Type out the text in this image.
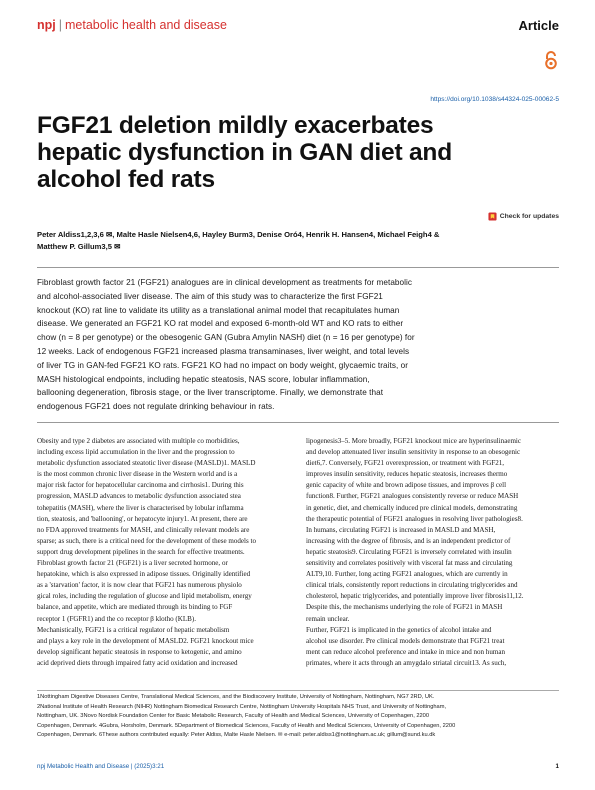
npj | metabolic health and disease	Article
https://doi.org/10.1038/s44324-025-00062-5
FGF21 deletion mildly exacerbates
hepatic dysfunction in GAN diet and
alcohol fed rats
Check for updates
Peter Aldiss1,2,3,6 ✉, Malte Hasle Nielsen4,6, Hayley Burm3, Denise Oró4, Henrik H. Hansen4, Michael Feigh4 &
Matthew P. Gillum3,5 ✉

Fibroblast growth factor 21 (FGF21) analogues are in clinical development as treatments for metabolic

and alcohol-associated liver disease. The aim of this study was to characterize the first FGF21

knockout (KO) rat line to validate its utility as a translational animal model that recapitulates human

disease. We generated an FGF21 KO rat model and exposed 6-month-old WT and KO rats to either

chow (n = 8 per genotype) or the obesogenic GAN (Gubra Amylin NASH) diet (n = 16 per genotype) for

12 weeks. Lack of endogenous FGF21 increased plasma transaminases, liver weight, and total levels

of liver TG in GAN-fed FGF21 KO rats. FGF21 KO had no impact on body weight, glycaemic traits, or

MASH histological endpoints, including hepatic steatosis, NAS score, lobular inflammation,

ballooning degeneration, fibrosis stage, or the liver transcriptome. Finally, we demonstrate that

endogenous FGF21 does not regulate drinking behaviour in rats.

Obesity and type 2 diabetes are associated with multiple co morbidities,

including excess lipid accumulation in the liver and the progression to

metabolic dysfunction associated steatotic liver disease (MASLD)1. MASLD

is the most common chronic liver disease in the Western world and is a

major risk factor for hepatocellular carcinoma and cirrhosis1. During this

progression, MASLD advances to metabolic dysfunction associated stea

tohepatitis (MASH), where the liver is characterised by lobular inflamma

tion, steatosis, and 'ballooning', or hepatocyte injury1. At present, there are

no FDA approved treatments for MASH, and clinically relevant models are

sparse; as such, there is a critical need for the development of these models to

support drug development pipelines in the search for effective treatments.

Fibroblast growth factor 21 (FGF21) is a liver secreted hormone, or

hepatokine, which is also expressed in adipose tissues. Originally identified

as a 'starvation' factor, it is now clear that FGF21 has numerous physiolo

gical roles, including the regulation of glucose and lipid metabolism, energy

balance, and appetite, which are mediated through its binding to FGF

receptor 1 (FGFR1) and the co receptor β klotho (KLB).

Mechanistically, FGF21 is a critical regulator of hepatic metabolism

and plays a key role in the development of MASLD2. FGF21 knockout mice

develop significant hepatic steatosis in response to ketogenic, and amino

acid deprived diets through impaired fatty acid oxidation and increased

lipogenesis3–5. More broadly, FGF21 knockout mice are hyperinsulinaemic

and develop attenuated liver insulin sensitivity in response to an obesogenic

diet6,7. Conversely, FGF21 overexpression, or treatment with FGF21,

improves insulin sensitivity, reduces hepatic steatosis, increases thermo

genic capacity of white and brown adipose tissues, and improves β cell

function8. Further, FGF21 analogues consistently reverse or reduce MASH

in genetic, diet, and chemically induced pre clinical models, demonstrating

the therapeutic potential of FGF21 analogues in resolving liver pathologies8.

In humans, circulating FGF21 is increased in MASLD and MASH,

increasing with the degree of fibrosis, and is an independent predictor of

hepatic steatosis9. Circulating FGF21 is inversely correlated with insulin

sensitivity and correlates positively with visceral fat mass and circulating

ALT9,10. Further, long acting FGF21 analogues, which are currently in

clinical trials, consistently report reductions in circulating triglycerides and

cholesterol, hepatic triglycerides, and potentially improve liver fibrosis11,12.

Despite this, the mechanisms underlying the role of FGF21 in MASH

remain unclear.

Further, FGF21 is implicated in the genetics of alcohol intake and

alcohol use disorder. Pre clinical models demonstrate that FGF21 treat

ment can reduce alcohol preference and intake in mice and non human

primates, where it acts through an amygdalo striatal circuit13. As such,

1Nottingham Digestive Diseases Centre, Translational Medical Sciences, and the Biodiscovery Institute, University of Nottingham, Nottingham, NG7 2RD, UK.

2National Institute of Health Research (NIHR) Nottingham Biomedical Research Centre, Nottingham University Hospitals NHS Trust, and University of Nottingham,

Nottingham, UK. 3Novo Nordisk Foundation Center for Basic Metabolic Research, Faculty of Health and Medical Sciences, University of Copenhagen, 2200

Copenhagen, Denmark. 4Gubra, Horsholm, Denmark. 5Department of Biomedical Sciences, Faculty of Health and Medical Sciences, University of Copenhagen, 2200

Copenhagen, Denmark. 6These authors contributed equally: Peter Aldiss, Malte Hasle Nielsen. ✉ e-mail: peter.aldiss1@nottingham.ac.uk; gillum@sund.ku.dk

npj Metabolic Health and Disease | (2025)3:21	1
